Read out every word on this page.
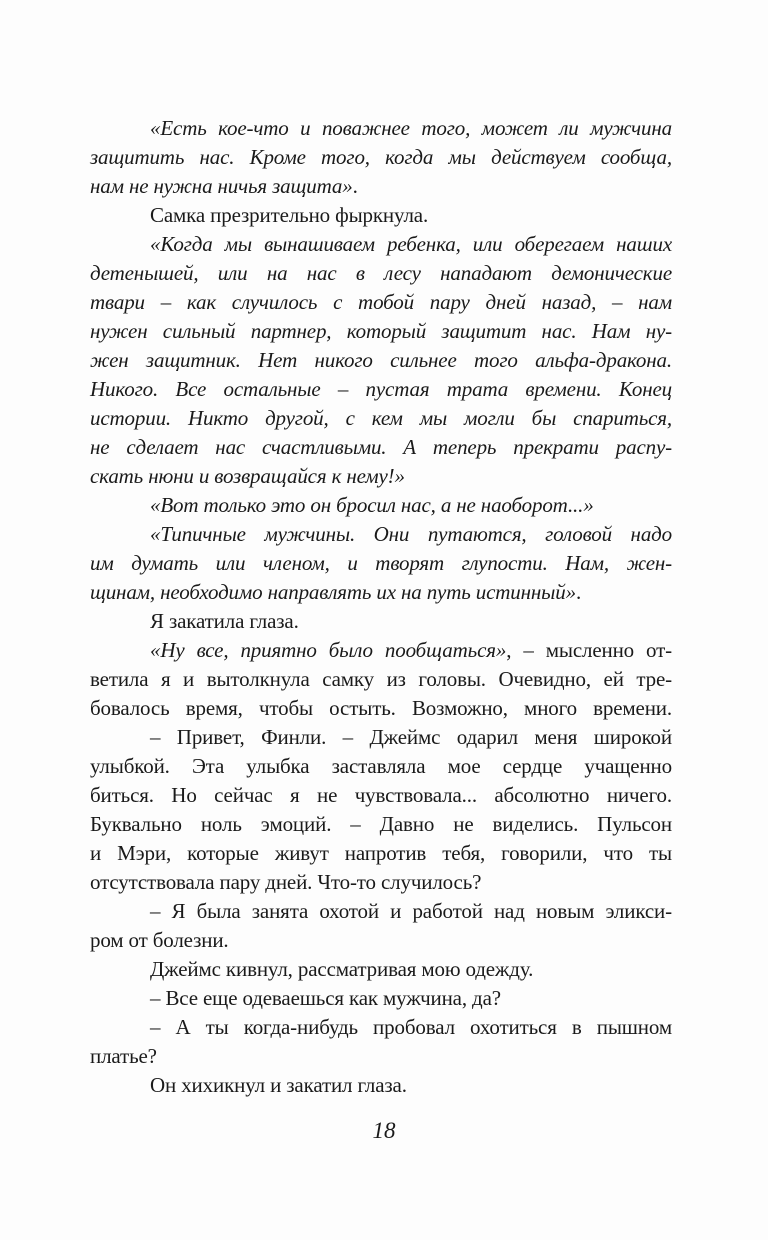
«Есть кое-что и поважнее того, может ли мужчина
защитить нас. Кроме того, когда мы действуем сообща,
нам не нужна ничья защита».
Самка презрительно фыркнула.
«Когда мы вынашиваем ребенка, или оберегаем наших
детенышей, или на нас в лесу нападают демонические
твари – как случилось с тобой пару дней назад, – нам
нужен сильный партнер, который защитит нас. Нам ну-
жен защитник. Нет никого сильнее того альфа-дракона.
Никого. Все остальные – пустая трата времени. Конец
истории. Никто другой, с кем мы могли бы спариться,
не сделает нас счастливыми. А теперь прекрати распу-
скать нюни и возвращайся к нему!»
«Вот только это он бросил нас, а не наоборот...»
«Типичные мужчины. Они путаются, головой надо
им думать или членом, и творят глупости. Нам, жен-
щинам, необходимо направлять их на путь истинный».
Я закатила глаза.
«Ну все, приятно было пообщаться», – мысленно от-
ветила я и вытолкнула самку из головы. Очевидно, ей тре-
бовалось время, чтобы остыть. Возможно, много времени.
– Привет, Финли. – Джеймс одарил меня широкой
улыбкой. Эта улыбка заставляла мое сердце учащенно
биться. Но сейчас я не чувствовала... абсолютно ничего.
Буквально ноль эмоций. – Давно не виделись. Пульсон
и Мэри, которые живут напротив тебя, говорили, что ты
отсутствовала пару дней. Что-то случилось?
– Я была занята охотой и работой над новым эликси-
ром от болезни.
Джеймс кивнул, рассматривая мою одежду.
– Все еще одеваешься как мужчина, да?
– А ты когда-нибудь пробовал охотиться в пышном
платье?
Он хихикнул и закатил глаза.
18
